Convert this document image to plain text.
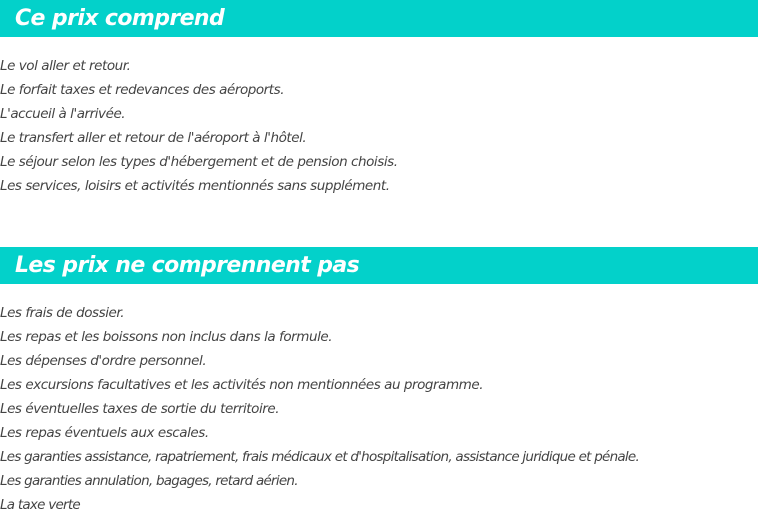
Ce prix comprend
Le vol aller et retour.
Le forfait taxes et redevances des aéroports.
L'accueil à l'arrivée.
Le transfert aller et retour de l'aéroport à l'hôtel.
Le séjour selon les types d'hébergement et de pension choisis.
Les services, loisirs et activités mentionnés sans supplément.
Les prix ne comprennent pas
Les frais de dossier.
Les repas et les boissons non inclus dans la formule.
Les dépenses d'ordre personnel.
Les excursions facultatives et les activités non mentionnées au programme.
Les éventuelles taxes de sortie du territoire.
Les repas éventuels aux escales.
Les garanties assistance, rapatriement, frais médicaux et d'hospitalisation, assistance juridique et pénale.
Les garanties annulation, bagages, retard aérien.
La taxe verte
